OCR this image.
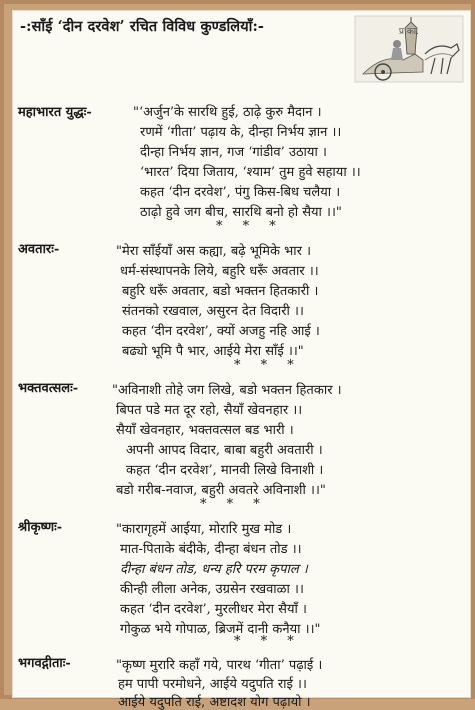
-:साँई ‘दीन दरवेश’ रचित विविध कुण्डलियाँ:-	प्र.का.
महाभारत युद्धः-	"‘अर्जुन’के सारथि हुई, ठाढ़े कुरु मैदान ।
रणमें ‘गीता’ पढ़ाय के, दीन्हा निर्भय ज्ञान ।।
दीन्हा निर्भय ज्ञान, गज ‘गांडीव’ उठाया ।
‘भारत’ दिया जिताय, ‘श्याम’ तुम हुवे सहाया ।।
कहत ‘दीन दरवेश’, पंगु किस-बिध चलैया ।
ठाढ़ो हुवे जग बीच, सारथि बनो हो सैया ।।"
* * *
अवतारः-	"मेरा साँईयाँ अस कह्या, बढ़े भूमिके भार ।
धर्म-संस्थापनके लिये, बहुरि धरूँ अवतार ।।
बहुरि धरूँ अवतार, बडो भक्तन हितकारी ।
संतनको रखवाल, असुरन देत विदारी ।।
कहत ‘दीन दरवेश’, क्यों अजहु नहि आई ।
बढ्यो भूमि पै भार, आईये मेरा साँई ।।"
* * *
भक्तवत्सलः-	"अविनाशी तोहे जग लिखे, बडो भक्तन हितकार ।
बिपत पडे मत दूर रहो, सैयाँ खेवनहार ।।
सैयाँ खेवनहार, भक्तवत्सल बड भारी ।
अपनी आपद विदार, बाबा बहुरी अवतारी ।
कहत ‘दीन दरवेश’, मानवी लिखे विनाशी ।
बडो गरीब-नवाज, बहुरी अवतरे अविनाशी ।।"
* * *
श्रीकृष्णः-	"कारागृहमें आईया, मोरारि मुख मोड ।
मात-पिताके बंदीके, दीन्हा बंधन तोड ।।
दीन्हा बंधन तोड, धन्य हरि परम कृपाल ।
कीन्ही लीला अनेक, उग्रसेन रखवाळा ।।
कहत ‘दीन दरवेश’, मुरलीधर मेरा सैयाँ ।
गोकुळ भये गोपाळ, ब्रिजमें दानी कनैया ।।"
* * *
भगवद्गीताः-	"कृष्ण मुरारि कहाँ गये, पारथ ‘गीता’ पढ़ाई ।
हम पापी परमोधने, आईये यदुपति राई ।।
आईये यदुपति राई, अष्टादश योग पढ़ायो ।
